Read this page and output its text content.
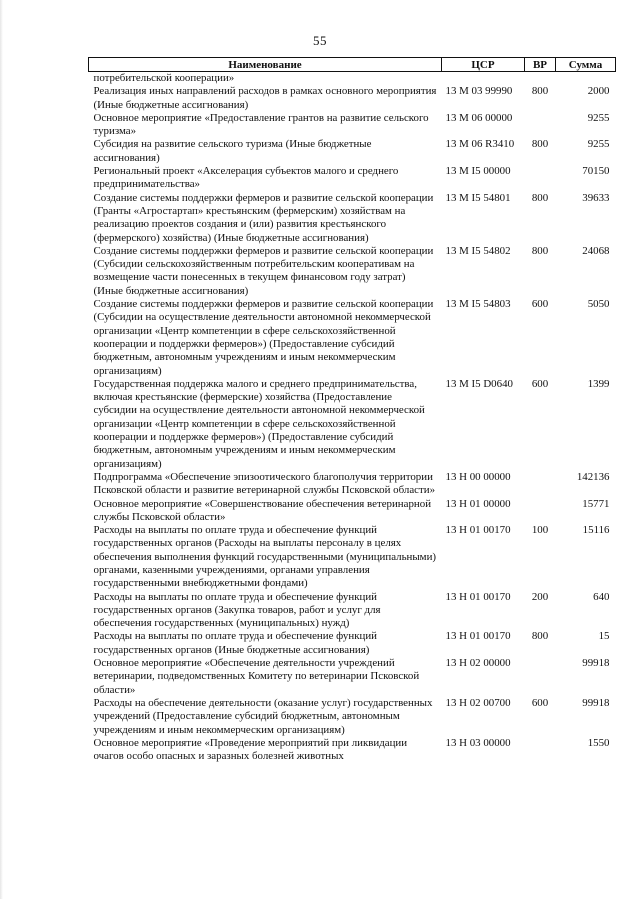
55
Наименование	ЦСР	ВР	Сумма
потребительской кооперации»			
Реализация иных направлений расходов в рамках основного мероприятия (Иные бюджетные ассигнования)	13 М 03 99990	800	2000
Основное мероприятие «Предоставление грантов на развитие сельского туризма»	13 М 06 00000		9255
Субсидия на развитие сельского туризма (Иные бюджетные ассигнования)	13 М 06 R3410	800	9255
Региональный проект «Акселерация субъектов малого и среднего предпринимательства»	13 М I5 00000		70150
Создание системы поддержки фермеров и развитие сельской кооперации (Гранты «Агростартап» крестьянским (фермерским) хозяйствам на реализацию проектов создания и (или) развития крестьянского (фермерского) хозяйства) (Иные бюджетные ассигнования)	13 М I5 54801	800	39633
Создание системы поддержки фермеров и развитие сельской кооперации (Субсидии сельскохозяйственным потребительским кооперативам на возмещение части понесенных в текущем финансовом году затрат) (Иные бюджетные ассигнования)	13 М I5 54802	800	24068
Создание системы поддержки фермеров и развитие сельской кооперации (Субсидии на осуществление деятельности автономной некоммерческой организации «Центр компетенции в сфере сельскохозяйственной кооперации и поддержки фермеров») (Предоставление субсидий бюджетным, автономным учреждениям и иным некоммерческим организациям)	13 М I5 54803	600	5050
Государственная поддержка малого и среднего предпринимательства, включая крестьянские (фермерские) хозяйства (Предоставление субсидии на осуществление деятельности автономной некоммерческой организации «Центр компетенции в сфере сельскохозяйственной кооперации и поддержке фермеров») (Предоставление субсидий бюджетным, автономным учреждениям и иным некоммерческим организациям)	13 М I5 D0640	600	1399
Подпрограмма «Обеспечение эпизоотического благополучия территории Псковской области и развитие ветеринарной службы Псковской области»	13 Н 00 00000		142136
Основное мероприятие «Совершенствование обеспечения ветеринарной службы Псковской области»	13 Н 01 00000		15771
Расходы на выплаты по оплате труда и обеспечение функций государственных органов (Расходы на выплаты персоналу в целях обеспечения выполнения функций государственными (муниципальными) органами, казенными учреждениями, органами управления государственными внебюджетными фондами)	13 Н 01 00170	100	15116
Расходы на выплаты по оплате труда и обеспечение функций государственных органов (Закупка товаров, работ и услуг для обеспечения государственных (муниципальных) нужд)	13 Н 01 00170	200	640
Расходы на выплаты по оплате труда и обеспечение функций государственных органов (Иные бюджетные ассигнования)	13 Н 01 00170	800	15
Основное мероприятие «Обеспечение деятельности учреждений ветеринарии, подведомственных Комитету по ветеринарии Псковской области»	13 Н 02 00000		99918
Расходы на обеспечение деятельности (оказание услуг) государственных учреждений (Предоставление субсидий бюджетным, автономным учреждениям и иным некоммерческим организациям)	13 Н 02 00700	600	99918
Основное мероприятие «Проведение мероприятий при ликвидации очагов особо опасных и заразных болезней животных	13 Н 03 00000		1550
